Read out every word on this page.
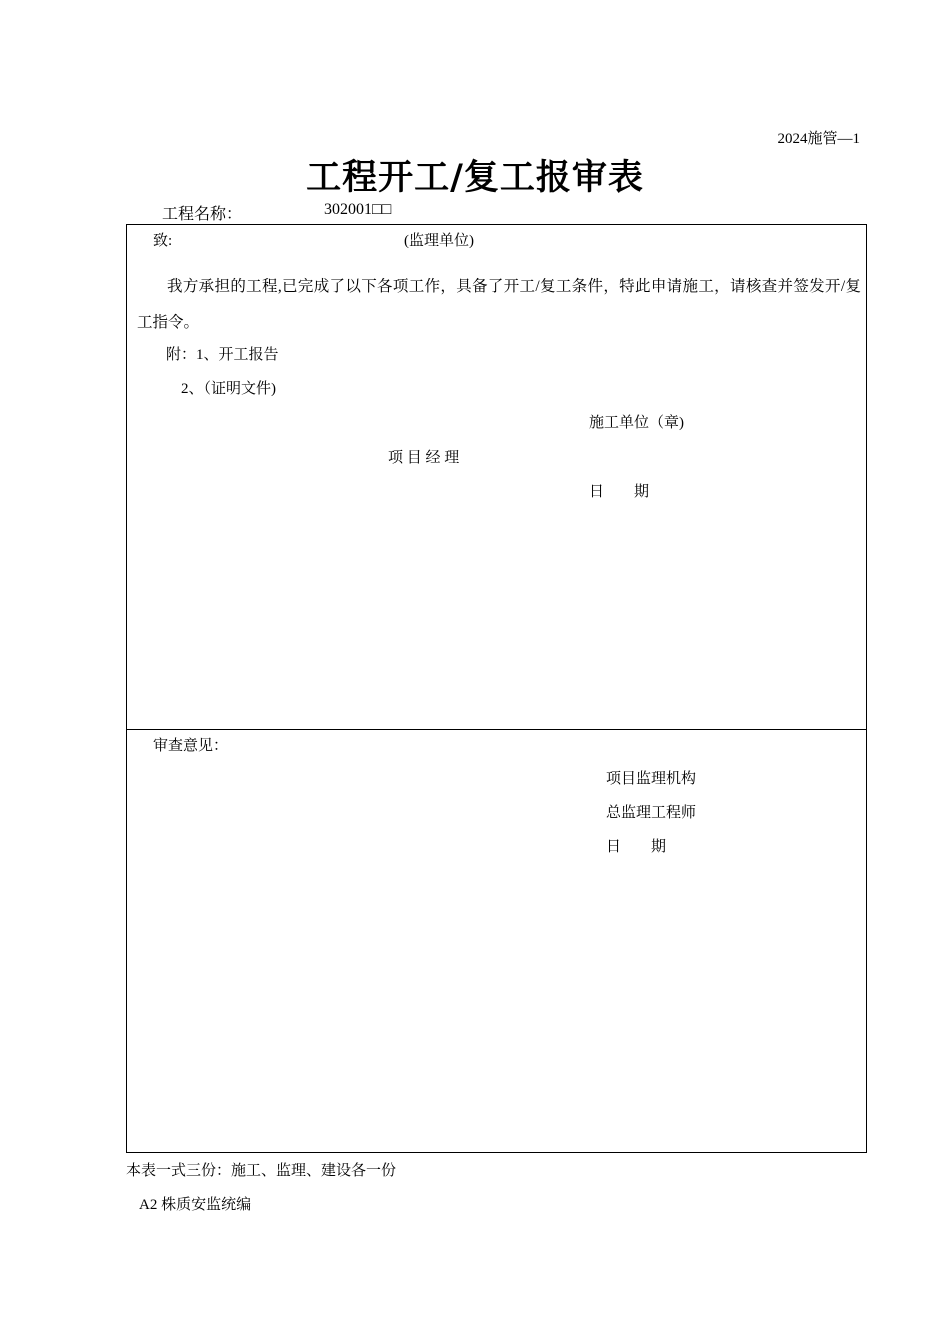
2024施管—1
工程开工/复工报审表
工程名称：	302001□□
致:	(监理单位)
我方承担的工程,已完成了以下各项工作，具备了开工/复工条件，特此申请施工，请核查并签发开/复工指令。
附：1、开工报告
2、（证明文件)
施工单位（章)
项 目 经 理
日　　期
审查意见：
项目监理机构
总监理工程师
日　　期
本表一式三份：施工、监理、建设各一份
A2 株质安监统编
